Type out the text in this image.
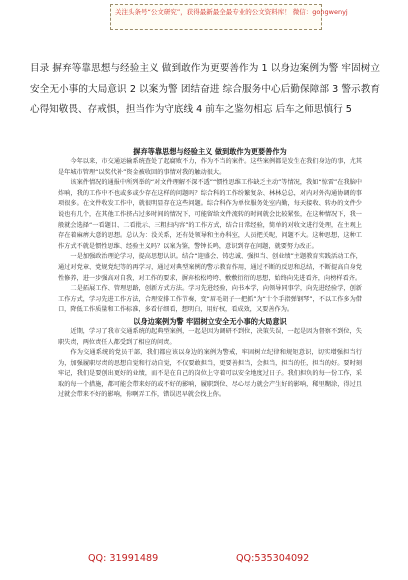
关注头条号“公文研究”，获得最新最全最专业的公文资料库！ 微信：gongwenyj

目录 摒弃等靠思想与经验主义 做到敢作为更要善作为 1 以身边案例为警 牢固树立安全无小事的大局意识 2 以案为警 团结奋进 综合服务中心后勤保障部 3 警示教育心得知敬畏、存戒惧，担当作为守底线 4 前车之鉴勿相忘 后车之师思慎行 5

摒弃等靠思想与经验主义 做到敢作为更要善作为

今年以来，市交通运输系统查处了起腐败不力，作为不当的案件。这些案例都是发生在我们身边的事，尤其是年城市管理“以奖代补”资金被收回的事情对我的触动很大。

该案件情况的通报中所列举的“对文件理解不深不透”“惯性思维工作缺乏主动”等情况，我如“惊雷”在我脑中炸响，我的工作中不也或多或少存在这样的问题吗？综合科的工作纷繁复杂、林林总总，对内对外沟通协调的事项很多。在文件收发工作中，就很明显存在这些问题。综合科作为单位服务处室内勤，每天接收、转办的文件少说也有几个，在其他工作挤占过多时间的情况下，可能留给文件流转的时间就会比较紧张，在这种情况下，我一般就会选择“一看题目、二看批示、三粗扫内容”的工作方式，结合日常经验，简单的对收文进行处理，在主观上存在着麻痹大意的思想。总认为：没关系，还有处领导和主办科室，人员把关呢，问题不大。这种思想，这种工作方式不就是惯性思维、经验主义吗？以案为鉴，警钟长鸣，意识到存在问题，就要努力改正。

一是加强政治理论学习，提高思想认识。结合“迎盛会、铸忠诚、强担当、创业绩”主题教育实践活动工作，通过对党章、党规党纪等的再学习，通过对典型案例的警示教育作用，通过不断的反思和总结，不断提高自身党性修养，进一步强高对自我，对工作的要求，摒弃松松垮垮、敷敷衍衍的思想，始终向先进看齐，向榜样看齐。

二是拓展工作、管理思路，创新方式方法。学习先进经验，向书本学，向领导同事学，向先进经验学，创新工作方式，学习先进工作方法，合理安排工作节奏，变“眉毛胡子一把抓”为“十个手指弹钢琴”，不以工作多为借口，降低工作质量和工作标准，多看仔细看，想明白，用好权，看成效，又要善作为。

以身边案例为警 牢固树立安全无小事的大局意识

近期，学习了我市交通系统的起典型案例，一起是因为调研不到位，决策失误，一起是因为督察不到位，失职失责，两位责任人都受到了相应的问责。

作为交通系统的党员干部，我们都应该以身边的案例为警戒，牢固树立纪律和规矩意识，切实增强担当行为，加强履职尽责的思想自觉和行动自觉，不仅要敢担当，更要善担当，会担当，担当的任，担当的好。要时刻牢记，我们是要创出更好的业绩，而不是在自己的岗位上守着可以安全地度过日子。我们担负的每一份工作，采取的每一个措施，都可能会带来好的或不好的影响，履职到位、尽心尽力就会产生好的影响，稀里糊涂，得过且过就会带来不好的影响，你啊弄工作，错误迟早就会找上你。

QQ: 31991489	QQ:535304092
